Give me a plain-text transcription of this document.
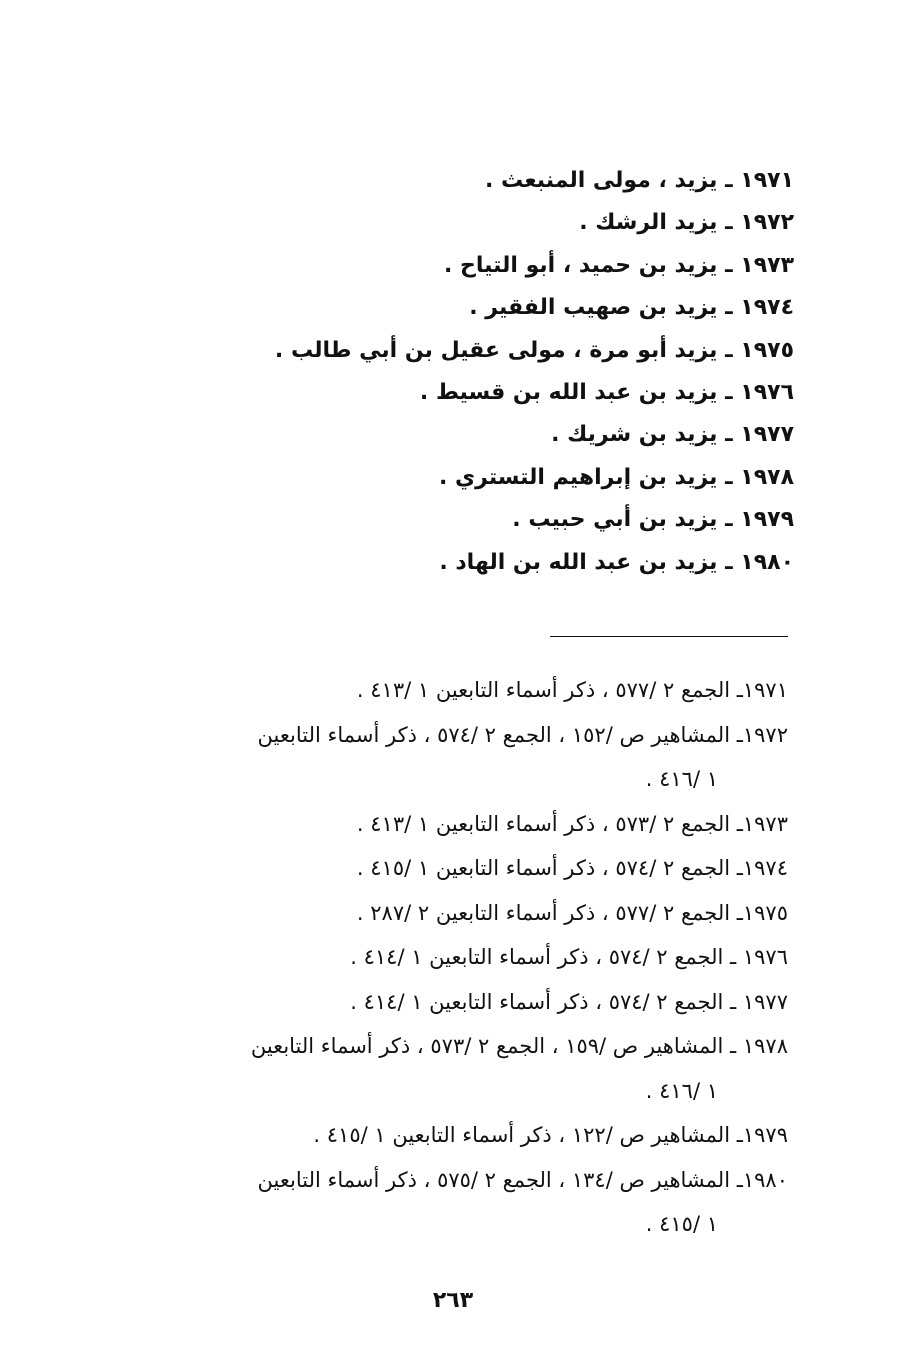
١٩٧١ ـ يزيد ، مولى المنبعث .
١٩٧٢ ـ يزيد الرشك .
١٩٧٣ ـ يزيد بن حميد ، أبو التياح .
١٩٧٤ ـ يزيد بن صهيب الفقير .
١٩٧٥ ـ يزيد أبو مرة ، مولى عقيل بن أبي طالب .
١٩٧٦ ـ يزيد بن عبد الله بن قسيط .
١٩٧٧ ـ يزيد بن شريك .
١٩٧٨ ـ يزيد بن إبراهيم التستري .
١٩٧٩ ـ يزيد بن أبي حبيب .
١٩٨٠ ـ يزيد بن عبد الله بن الهاد .
١٩٧١ـ الجمع ٢ /٥٧٧ ، ذكر أسماء التابعين ١ /٤١٣ .
١٩٧٢ـ المشاهير ص /١٥٢ ، الجمع ٢ /٥٧٤ ، ذكر أسماء التابعين
١ /٤١٦ .
١٩٧٣ـ الجمع ٢ /٥٧٣ ، ذكر أسماء التابعين ١ /٤١٣ .
١٩٧٤ـ الجمع ٢ /٥٧٤ ، ذكر أسماء التابعين ١ /٤١٥ .
١٩٧٥ـ الجمع ٢ /٥٧٧ ، ذكر أسماء التابعين ٢ /٢٨٧ .
١٩٧٦ ـ الجمع ٢ /٥٧٤ ، ذكر أسماء التابعين ١ /٤١٤ .
١٩٧٧ ـ الجمع ٢ /٥٧٤ ، ذكر أسماء التابعين ١ /٤١٤ .
١٩٧٨ ـ المشاهير ص /١٥٩ ، الجمع ٢ /٥٧٣ ، ذكر أسماء التابعين
١ /٤١٦ .
١٩٧٩ـ المشاهير ص /١٢٢ ، ذكر أسماء التابعين ١ /٤١٥ .
١٩٨٠ـ المشاهير ص /١٣٤ ، الجمع ٢ /٥٧٥ ، ذكر أسماء التابعين
١ /٤١٥ .
٢٦٣
